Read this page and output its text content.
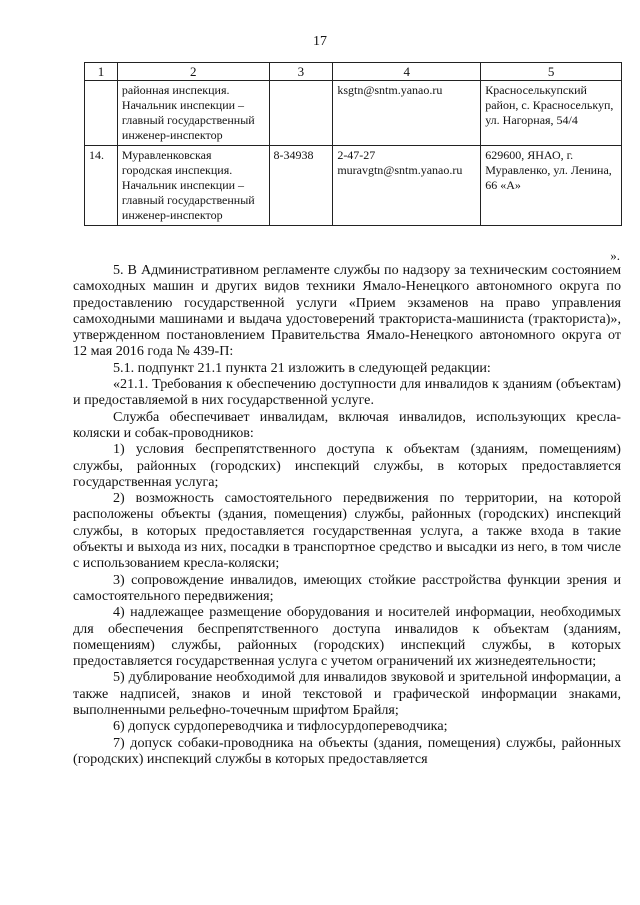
17
1	2	3	4	5
	районная инспекция. Начальник инспекции – главный государственный инженер-инспектор		ksgtn@sntm.yanao.ru	Красноселькупский район, с. Красноселькуп, ул. Нагорная, 54/4
14.	Муравленковская городская инспекция. Начальник инспекции – главный государственный инженер-инспектор	8-34938	2-47-27 muravgtn@sntm.yanao.ru	629600, ЯНАО, г. Муравленко, ул. Ленина, 66 «А»
».

5. В Административном регламенте службы по надзору за техническим состоянием самоходных машин и других видов техники Ямало-Ненецкого автономного округа по предоставлению государственной услуги «Прием экзаменов на право управления самоходными машинами и выдача удостоверений тракториста-машиниста (тракториста)», утвержденном постановлением Правительства Ямало-Ненецкого автономного округа от 12 мая 2016 года № 439-П:

5.1. подпункт 21.1 пункта 21 изложить в следующей редакции:

«21.1. Требования к обеспечению доступности для инвалидов к зданиям (объектам) и предоставляемой в них государственной услуге.

Служба обеспечивает инвалидам, включая инвалидов, использующих кресла-коляски и собак-проводников:

1) условия беспрепятственного доступа к объектам (зданиям, помещениям) службы, районных (городских) инспекций службы, в которых предоставляется государственная услуга;

2) возможность самостоятельного передвижения по территории, на которой расположены объекты (здания, помещения) службы, районных (городских) инспекций службы, в которых предоставляется государственная услуга, а также входа в такие объекты и выхода из них, посадки в транспортное средство и высадки из него, в том числе с использованием кресла-коляски;

3) сопровождение инвалидов, имеющих стойкие расстройства функции зрения и самостоятельного передвижения;

4) надлежащее размещение оборудования и носителей информации, необходимых для обеспечения беспрепятственного доступа инвалидов к объектам (зданиям, помещениям) службы, районных (городских) инспекций службы, в которых предоставляется государственная услуга с учетом ограничений их жизнедеятельности;

5) дублирование необходимой для инвалидов звуковой и зрительной информации, а также надписей, знаков и иной текстовой и графической информации знаками, выполненными рельефно-точечным шрифтом Брайля;

6) допуск сурдопереводчика и тифлосурдопереводчика;

7) допуск собаки-проводника на объекты (здания, помещения) службы, районных (городских) инспекций службы в которых предоставляется
